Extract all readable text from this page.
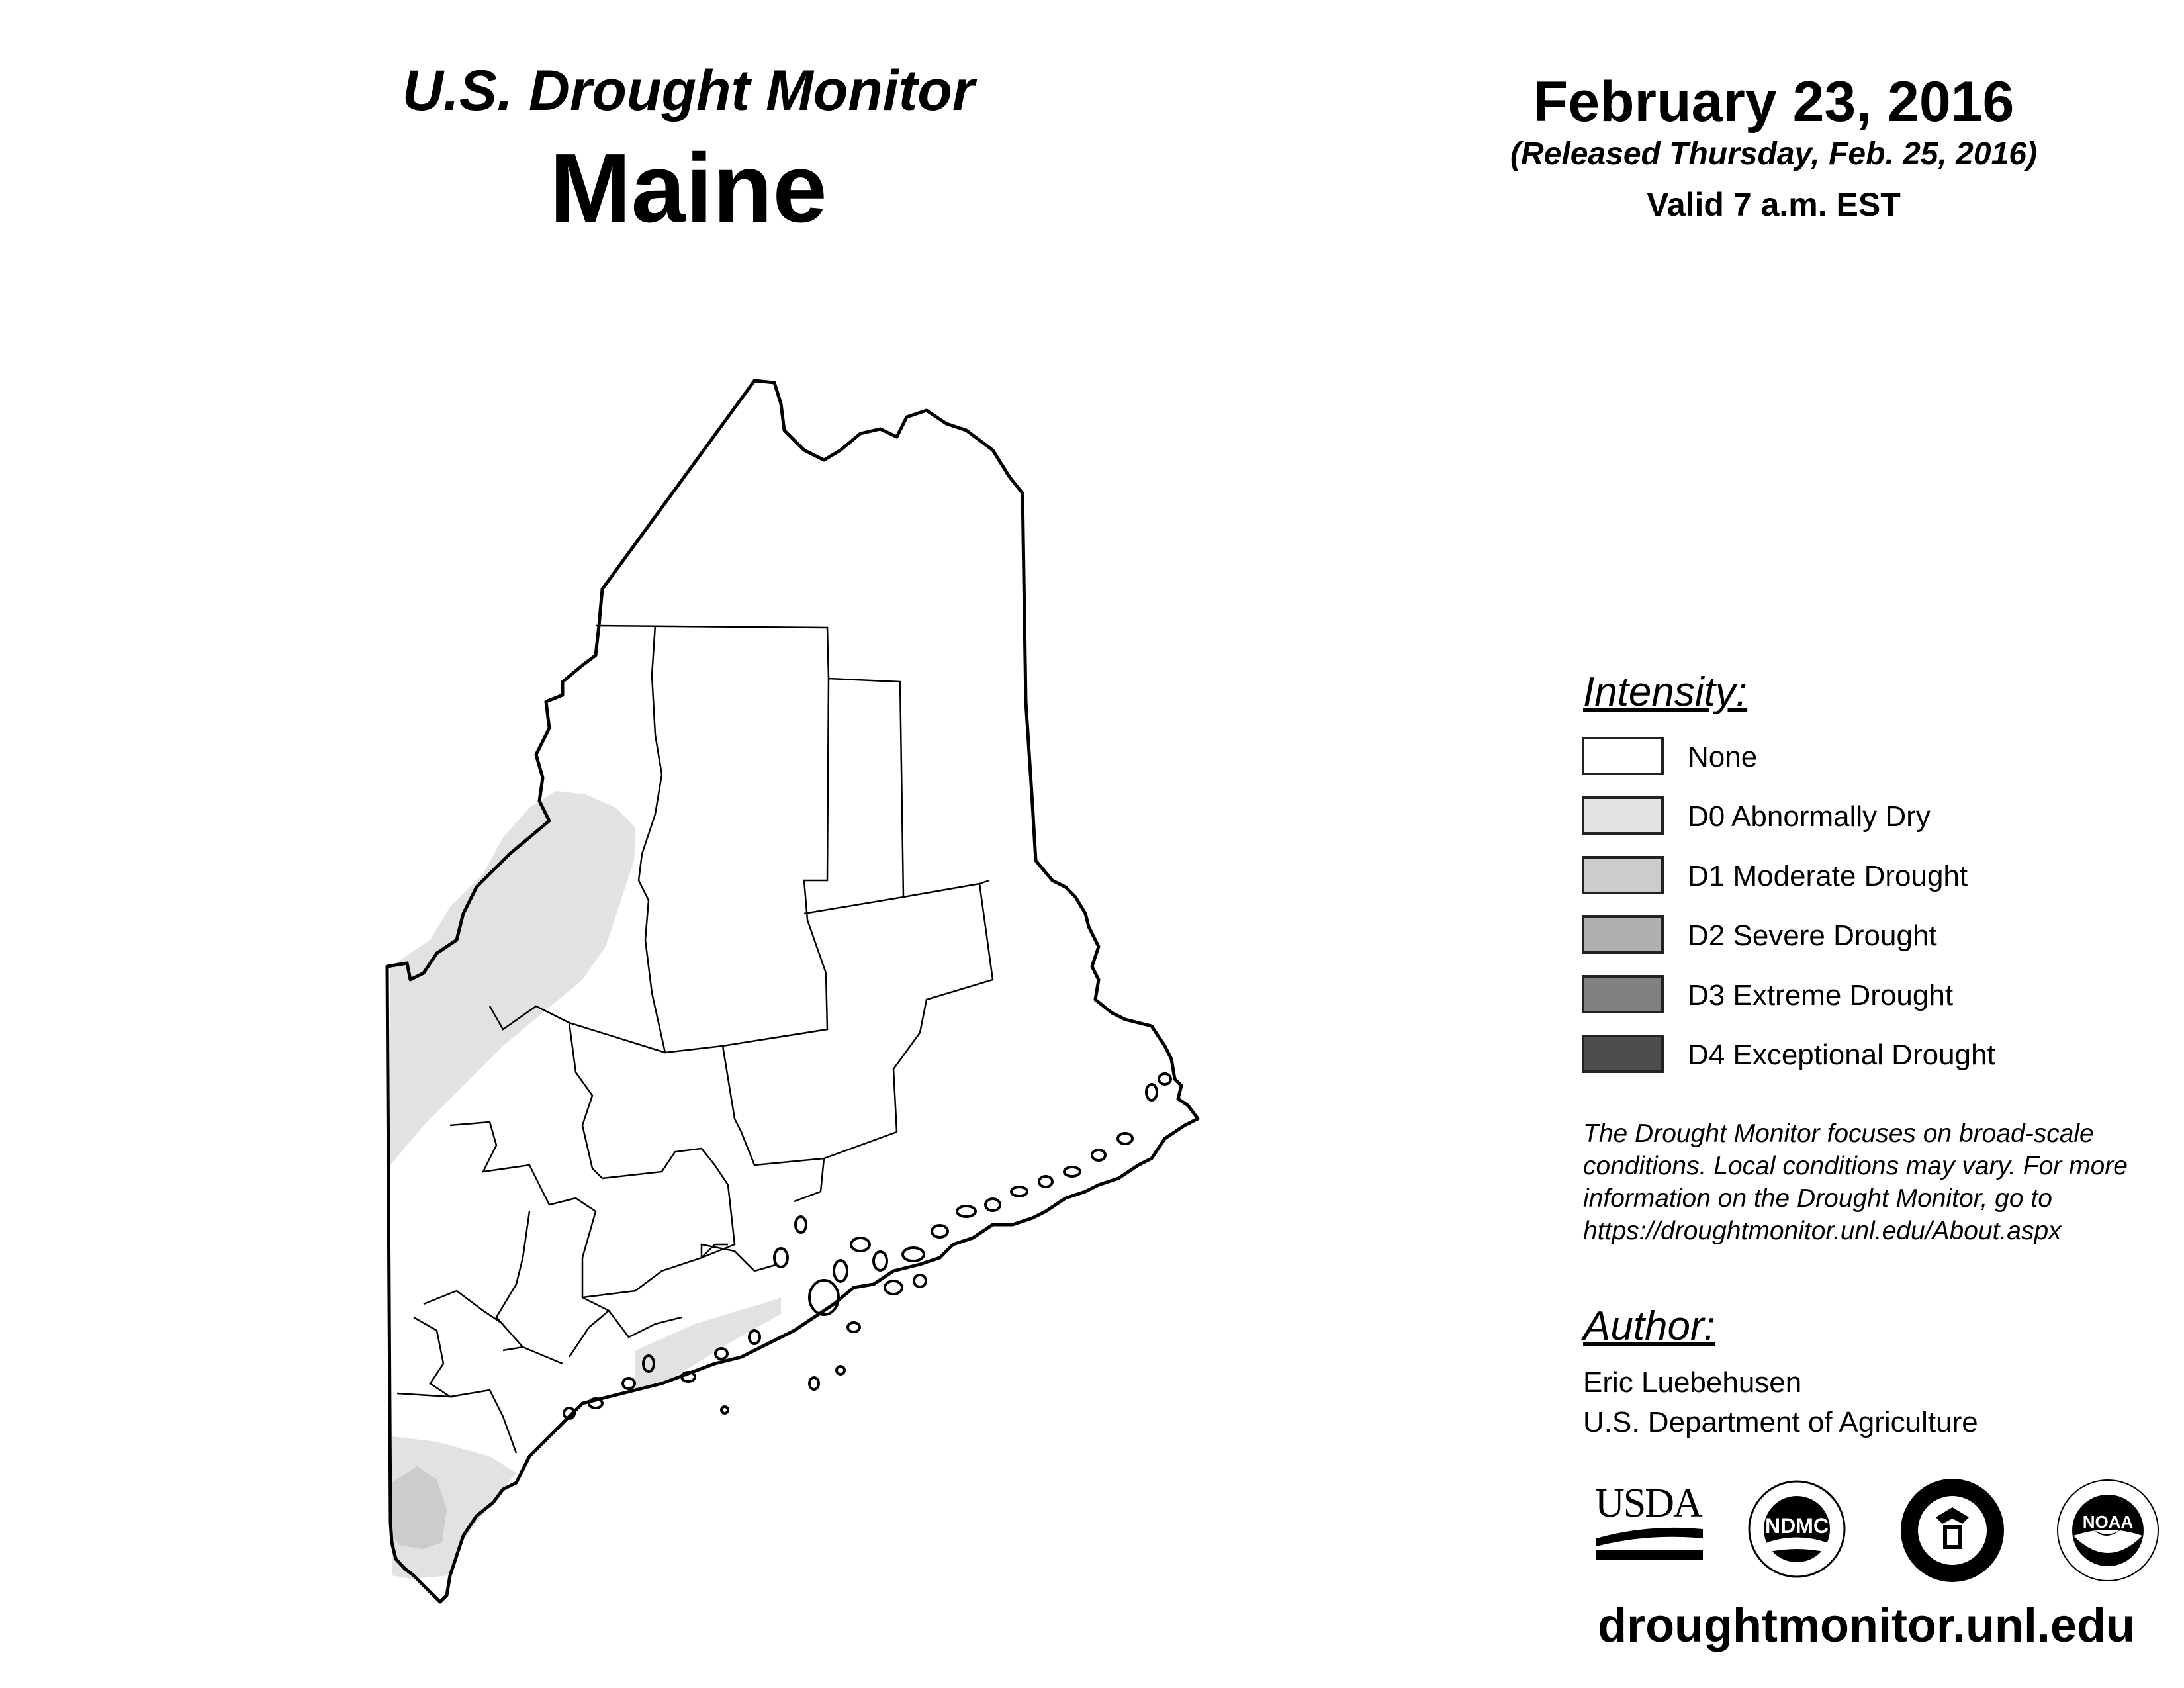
U.S. Drought Monitor
Maine
February 23, 2016
(Released Thursday, Feb. 25, 2016)
Valid 7 a.m. EST
Intensity:
None
D0 Abnormally Dry
D1 Moderate Drought
D2 Severe Drought
D3 Extreme Drought
D4 Exceptional Drought
The Drought Monitor focuses on broad-scale conditions. Local conditions may vary. For more information on the Drought Monitor, go to https://droughtmonitor.unl.edu/About.aspx
Author:
Eric Luebehusen
U.S. Department of Agriculture
USDA	NDMC	NOAA
droughtmonitor.unl.edu
